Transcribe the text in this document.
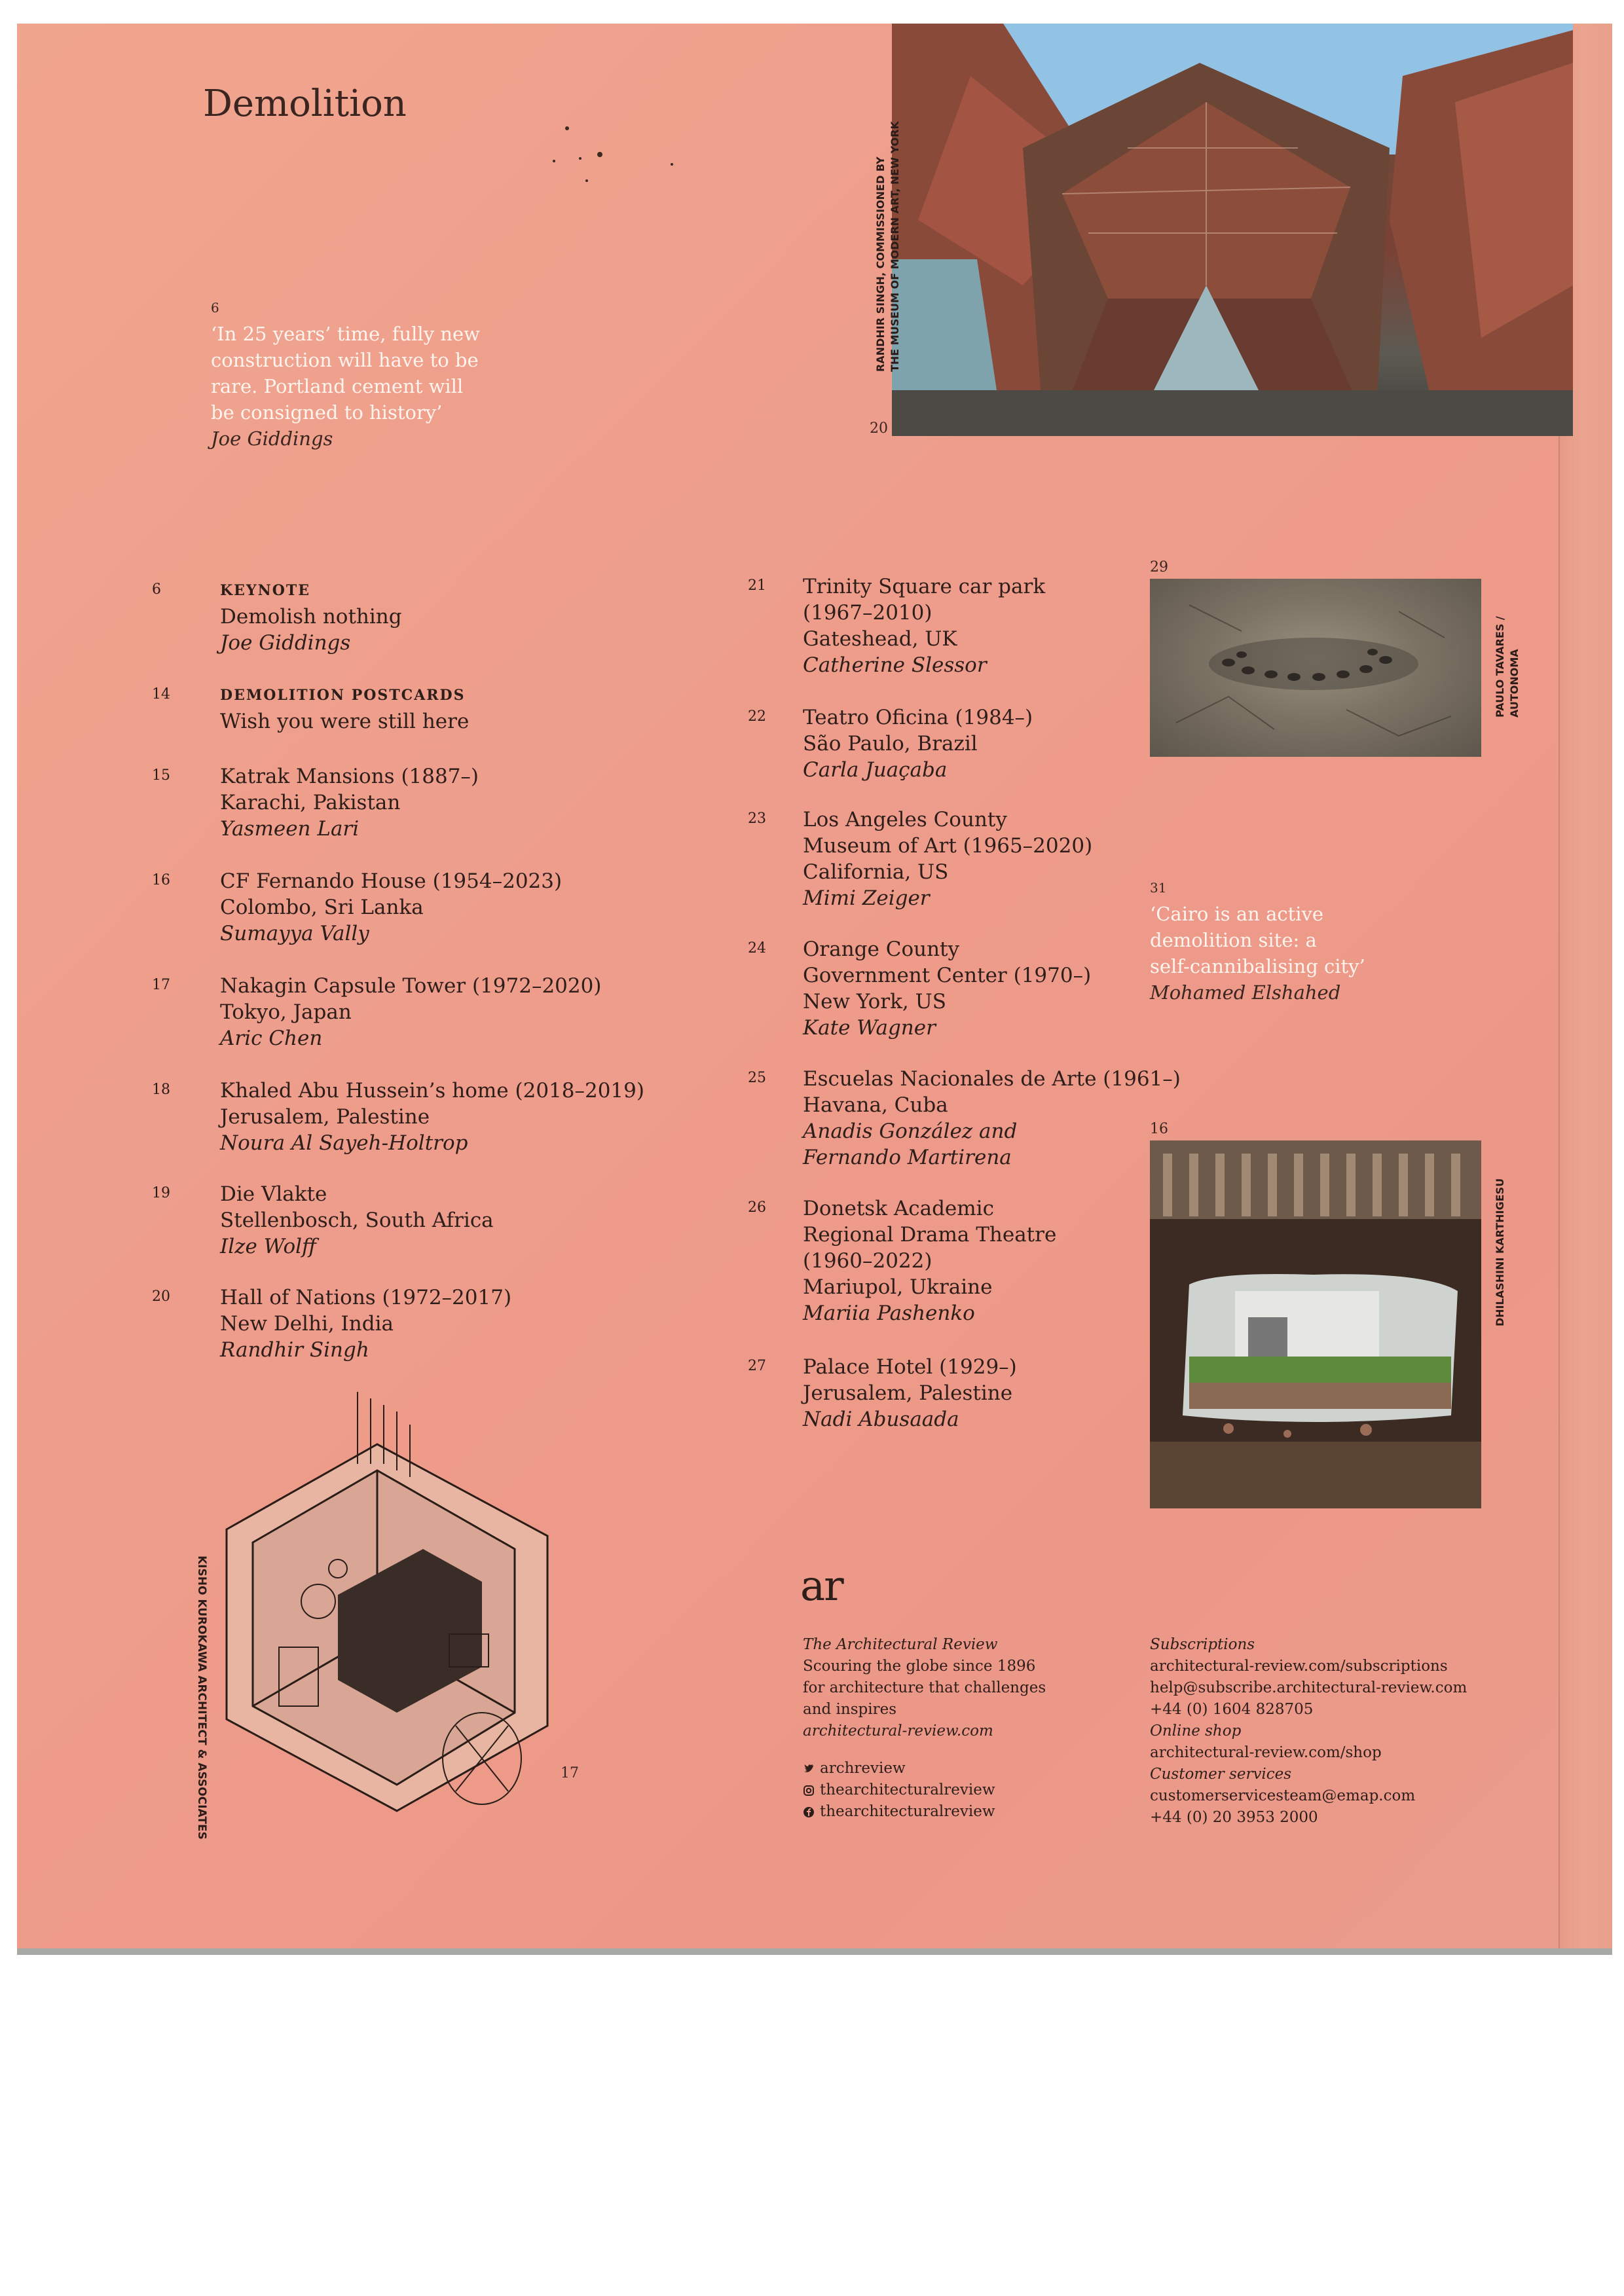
Demolition
6
‘In 25 years’ time, fully new
construction will have to be
rare. Portland cement will
be consigned to history’
Joe Giddings	20
RANDHIR SINGH, COMMISSIONED BY THE MUSEUM OF MODERN ART, NEW YORK
6	KEYNOTE
Demolish nothing
Joe Giddings
14	DEMOLITION POSTCARDS
Wish you were still here
15 Katrak Mansions (1887–)
Karachi, Pakistan
Yasmeen Lari
16 CF Fernando House (1954–2023)
Colombo, Sri Lanka
Sumayya Vally
17 Nakagin Capsule Tower (1972–2020)
Tokyo, Japan
Aric Chen
18 Khaled Abu Hussein’s home (2018–2019)
Jerusalem, Palestine
Noura Al Sayeh-Holtrop
19 Die Vlakte
Stellenbosch, South Africa
Ilze Wolff
20 Hall of Nations (1972–2017)
New Delhi, India
Randhir Singh
21 Trinity Square car park
(1967–2010)
Gateshead, UK
Catherine Slessor
22 Teatro Oficina (1984–)
São Paulo, Brazil
Carla Juaçaba
23 Los Angeles County
Museum of Art (1965–2020)
California, US
Mimi Zeiger
24 Orange County
Government Center (1970–)
New York, US
Kate Wagner
25 Escuelas Nacionales de Arte (1961–)
Havana, Cuba
Anadis González and
Fernando Martirena
26 Donetsk Academic
Regional Drama Theatre
(1960–2022)
Mariupol, Ukraine
Mariia Pashenko
27 Palace Hotel (1929–)
Jerusalem, Palestine
Nadi Abusaada
29
PAULO TAVARES / AUTONOMA
31
‘Cairo is an active
demolition site: a
self-cannibalising city’
Mohamed Elshahed
16
DHILASHINI KARTHIGESU
KISHO KUROKAWA ARCHITECT & ASSOCIATES	17
ar
The Architectural Review
Scouring the globe since 1896
for architecture that challenges
and inspires
architectural-review.com
archreview
thearchitecturalreview
thearchitecturalreview
Subscriptions
architectural-review.com/subscriptions
help@subscribe.architectural-review.com
+44 (0) 1604 828705
Online shop
architectural-review.com/shop
Customer services
customerservicesteam@emap.com
+44 (0) 20 3953 2000
